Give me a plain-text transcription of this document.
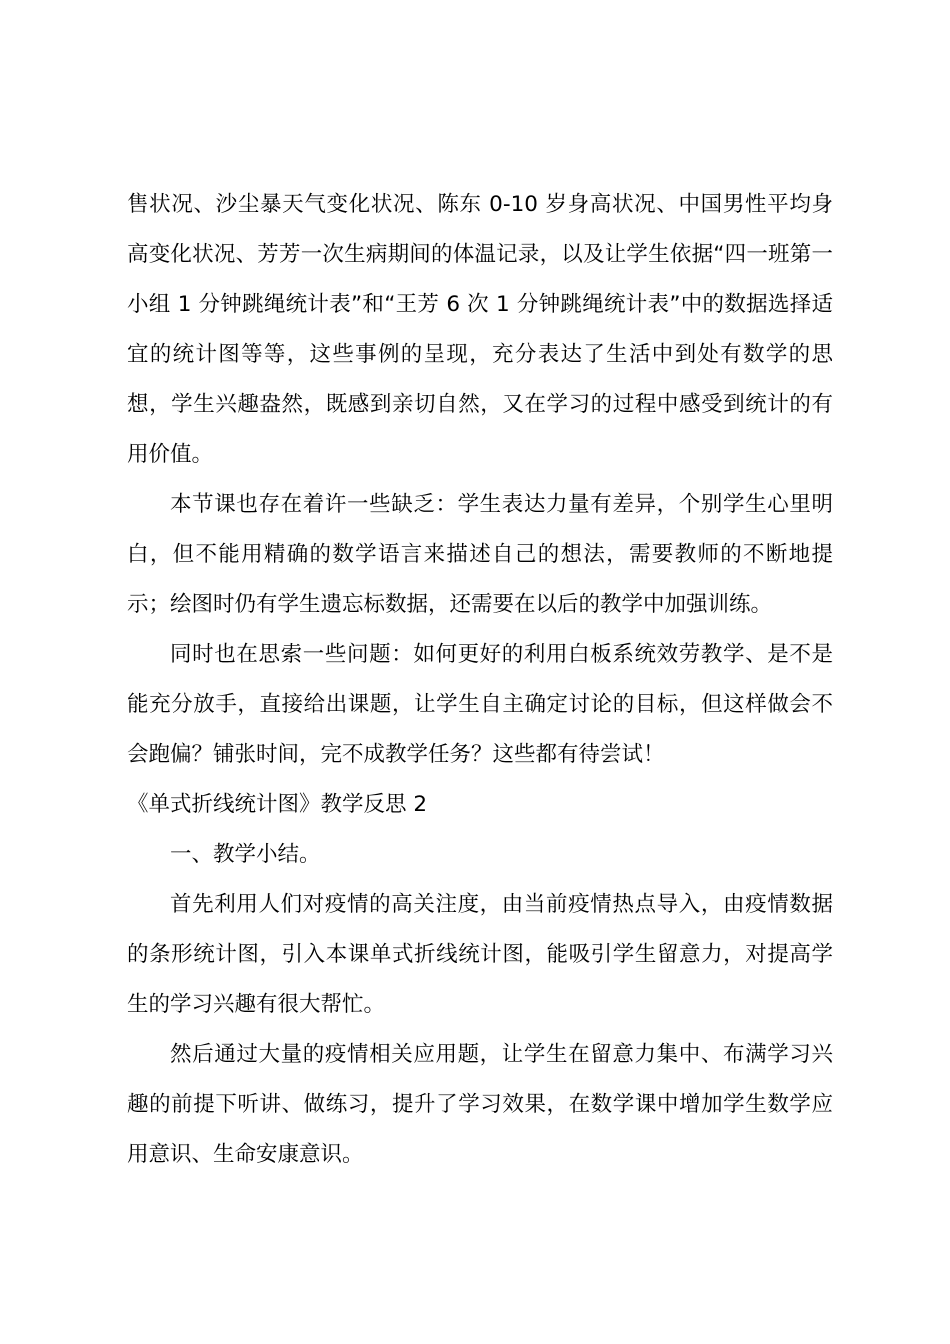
售状况、沙尘暴天气变化状况、陈东 0-10 岁身高状况、中国男性平均身高变化状况、芳芳一次生病期间的体温记录，以及让学生依据“四一班第一小组 1 分钟跳绳统计表”和“王芳 6 次 1 分钟跳绳统计表”中的数据选择适宜的统计图等等，这些事例的呈现，充分表达了生活中到处有数学的思想，学生兴趣盎然，既感到亲切自然，又在学习的过程中感受到统计的有用价值。

本节课也存在着许一些缺乏：学生表达力量有差异，个别学生心里明白，但不能用精确的数学语言来描述自己的想法，需要教师的不断地提示；绘图时仍有学生遗忘标数据，还需要在以后的教学中加强训练。

同时也在思索一些问题：如何更好的利用白板系统效劳教学、是不是能充分放手，直接给出课题，让学生自主确定讨论的目标，但这样做会不会跑偏？铺张时间，完不成教学任务？这些都有待尝试！

《单式折线统计图》教学反思 2

一、教学小结。

首先利用人们对疫情的高关注度，由当前疫情热点导入，由疫情数据的条形统计图，引入本课单式折线统计图，能吸引学生留意力，对提高学生的学习兴趣有很大帮忙。

然后通过大量的疫情相关应用题，让学生在留意力集中、布满学习兴趣的前提下听讲、做练习，提升了学习效果，在数学课中增加学生数学应用意识、生命安康意识。
